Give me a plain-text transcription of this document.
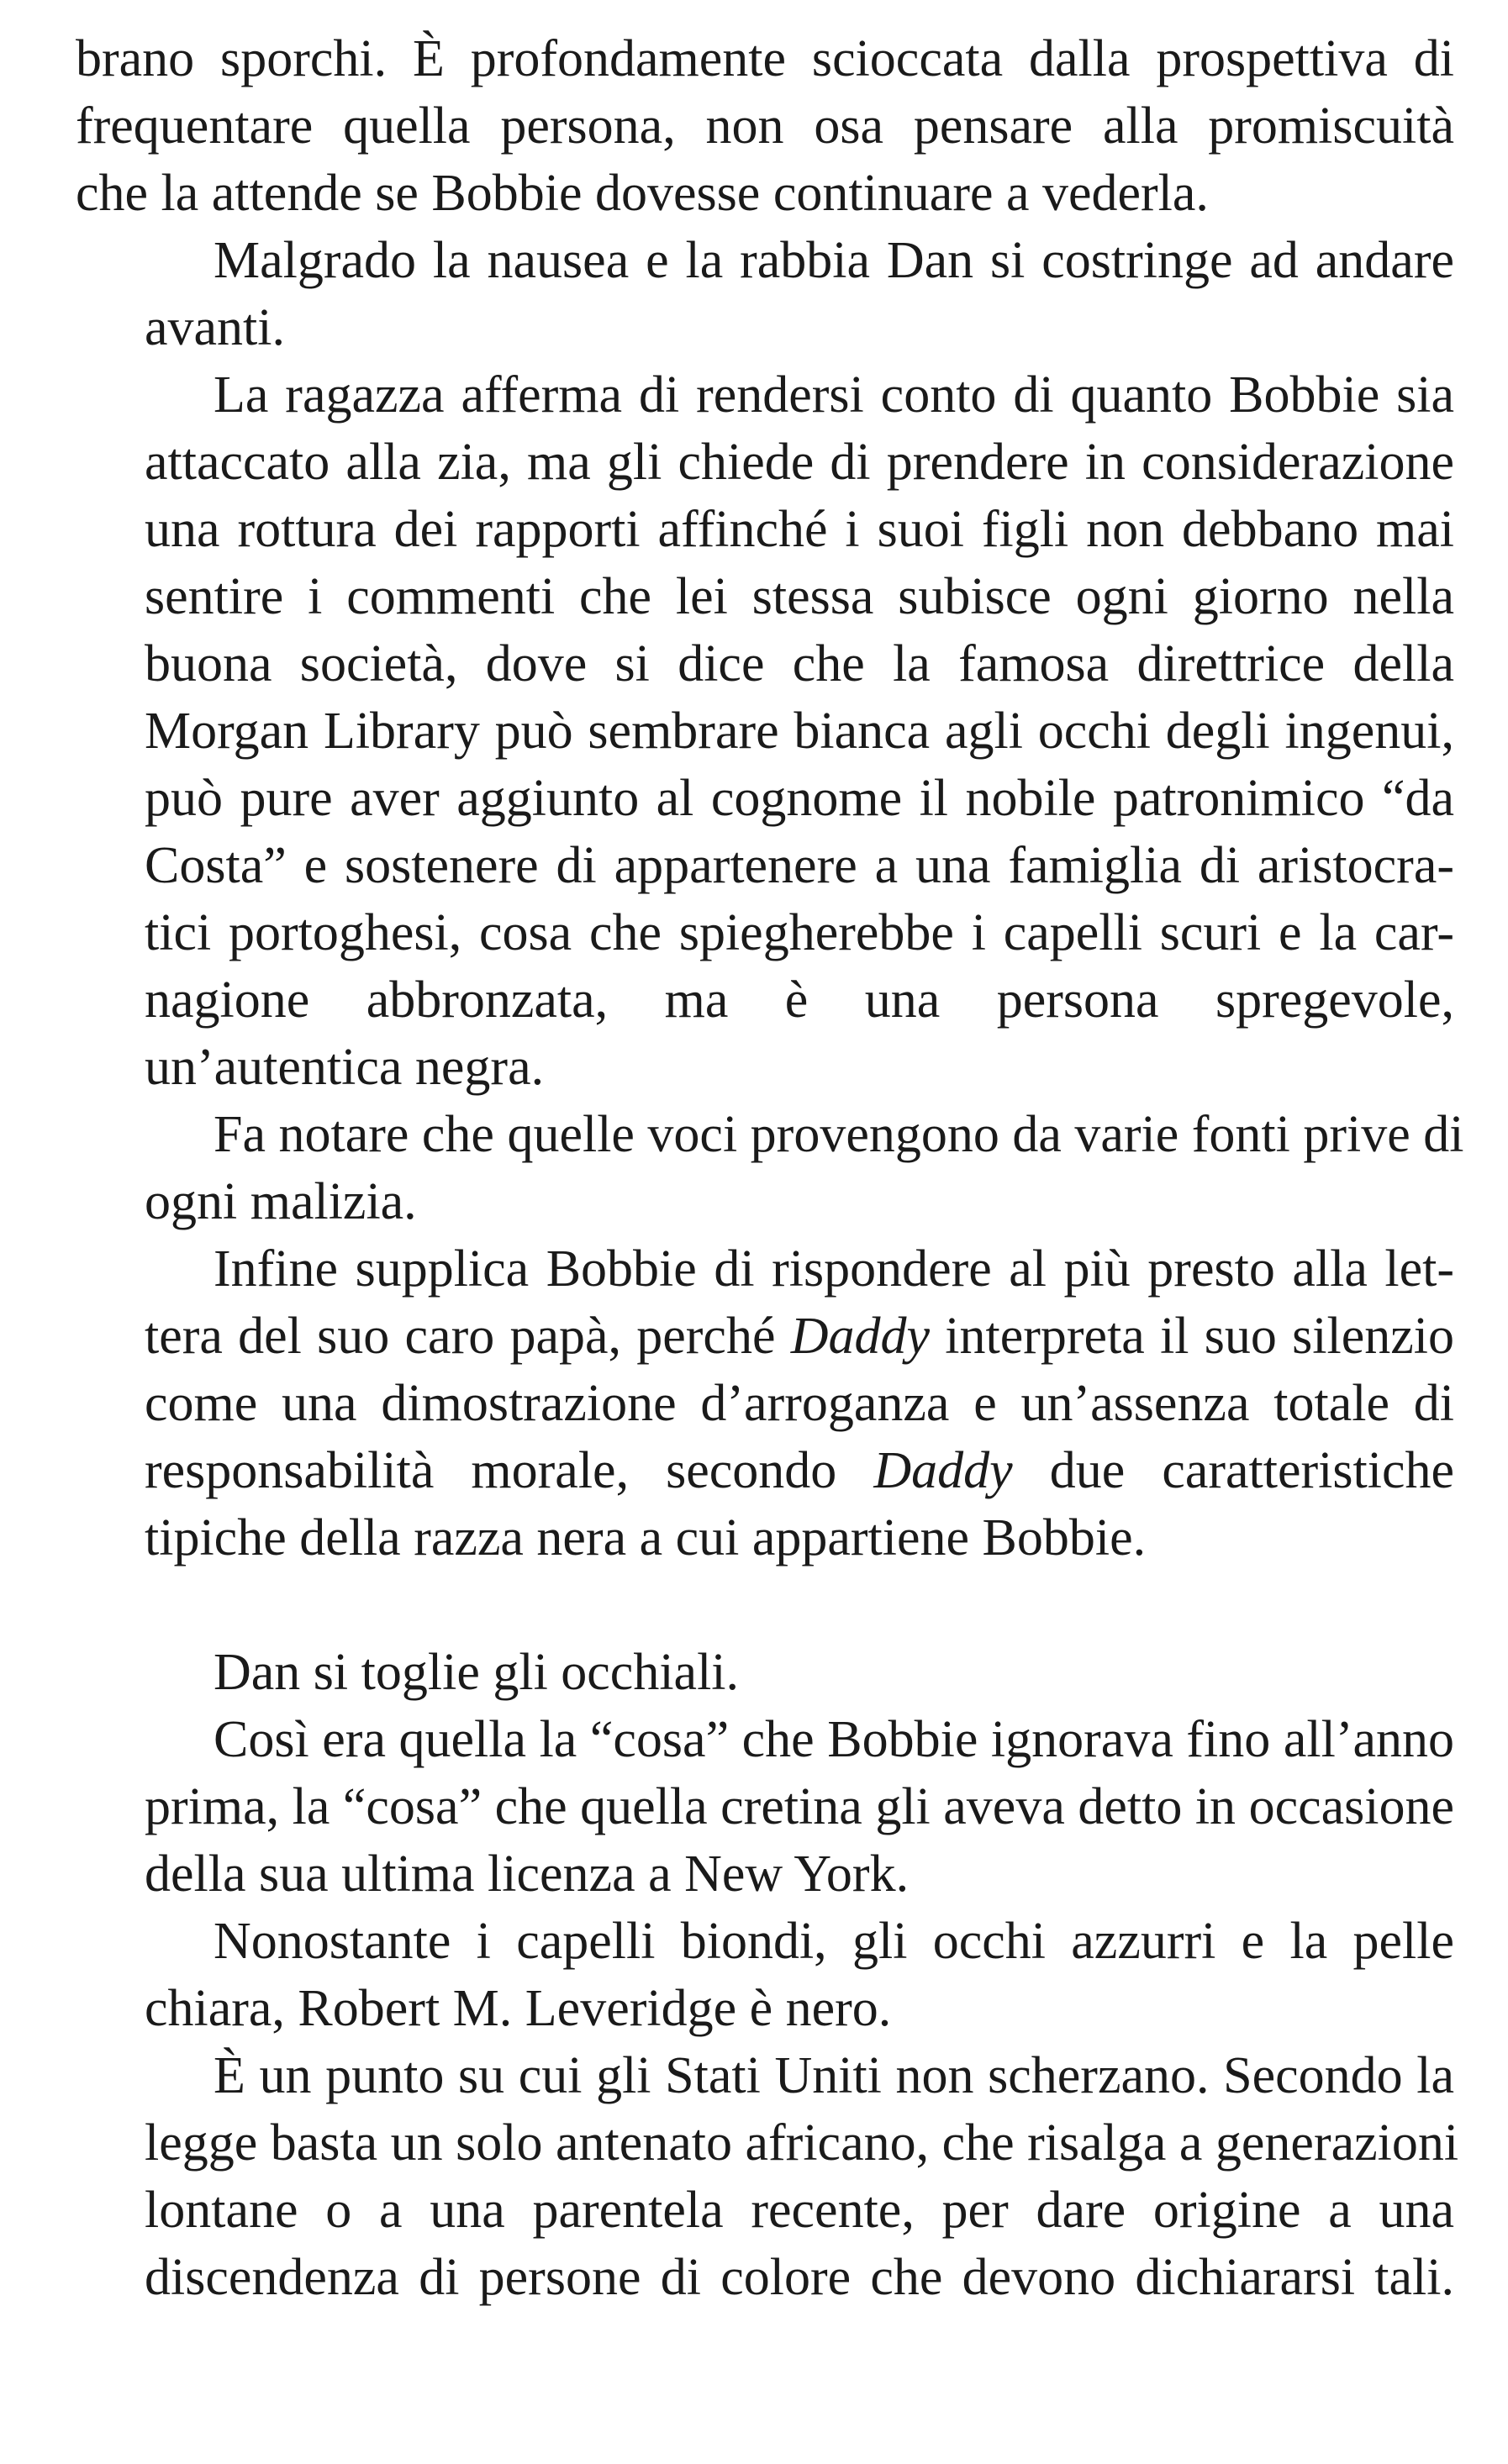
brano sporchi. È profondamente scioccata dalla prospettiva di
frequentare quella persona, non osa pensare alla promiscuità
che la attende se Bobbie dovesse continuare a vederla.
Malgrado la nausea e la rabbia Dan si costringe ad andare
avanti.
La ragazza afferma di rendersi conto di quanto Bobbie sia
attaccato alla zia, ma gli chiede di prendere in considerazione
una rottura dei rapporti affinché i suoi figli non debbano mai
sentire i commenti che lei stessa subisce ogni giorno nella
buona società, dove si dice che la famosa direttrice della
Morgan Library può sembrare bianca agli occhi degli ingenui,
può pure aver aggiunto al cognome il nobile patronimico “da
Costa” e sostenere di appartenere a una famiglia di aristocra-
tici portoghesi, cosa che spiegherebbe i capelli scuri e la car-
nagione abbronzata, ma è una persona spregevole,
un’autentica negra.
Fa notare che quelle voci provengono da varie fonti prive di
ogni malizia.
Infine supplica Bobbie di rispondere al più presto alla let-
tera del suo caro papà, perché Daddy interpreta il suo silenzio
come una dimostrazione d’arroganza e un’assenza totale di
responsabilità morale, secondo Daddy due caratteristiche
tipiche della razza nera a cui appartiene Bobbie.
Dan si toglie gli occhiali.
Così era quella la “cosa” che Bobbie ignorava fino all’anno
prima, la “cosa” che quella cretina gli aveva detto in occasione
della sua ultima licenza a New York.
Nonostante i capelli biondi, gli occhi azzurri e la pelle
chiara, Robert M. Leveridge è nero.
È un punto su cui gli Stati Uniti non scherzano. Secondo la
legge basta un solo antenato africano, che risalga a generazioni
lontane o a una parentela recente, per dare origine a una
discendenza di persone di colore che devono dichiararsi tali.
